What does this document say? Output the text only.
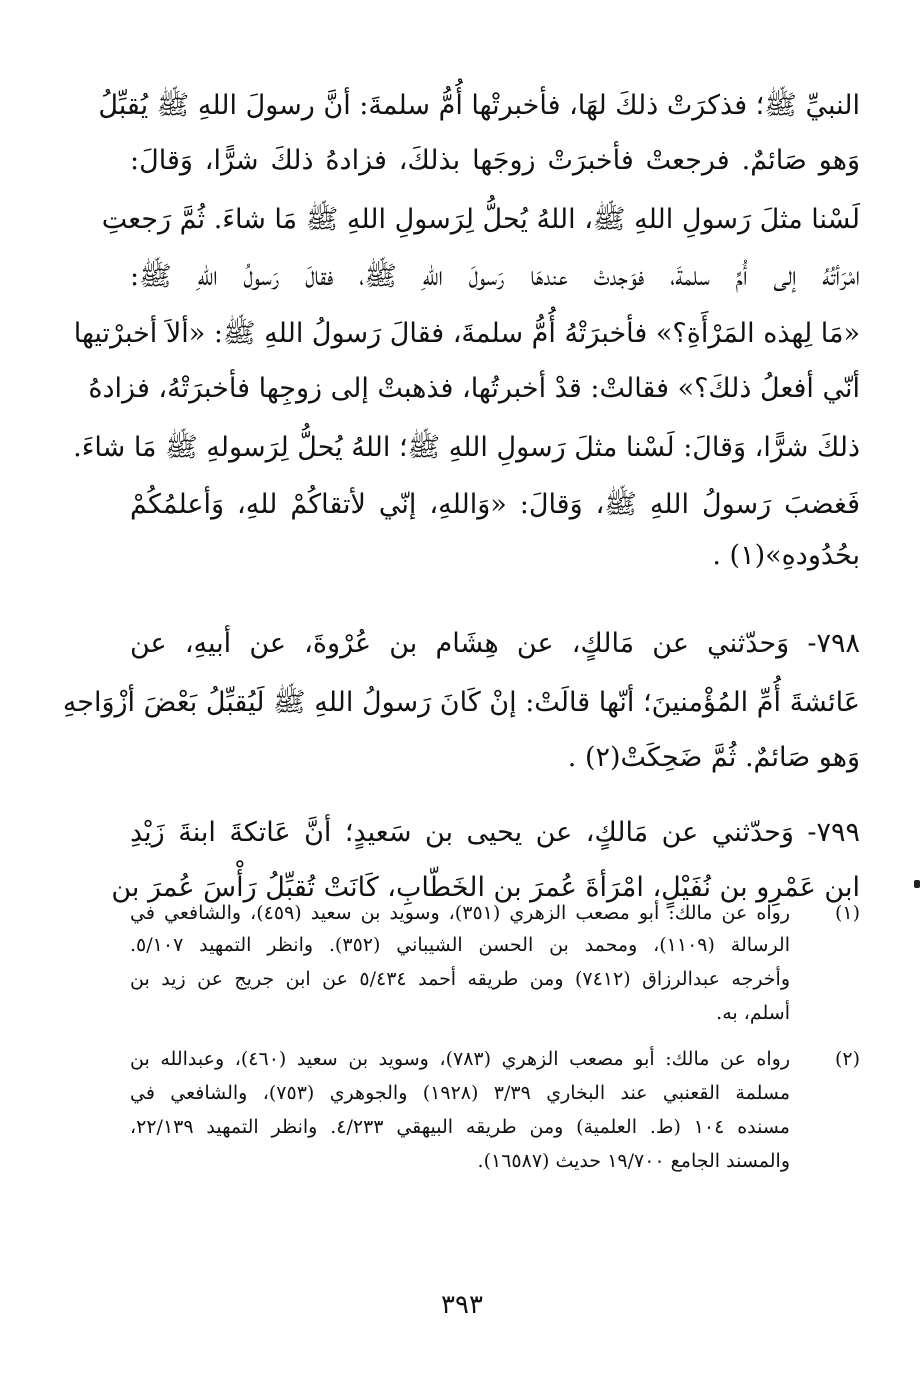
النبيِّ ﷺ؛ فذكرَتْ ذلكَ لهَا، فأخبرتْها أُمُّ سلمةَ: أنَّ رسولَ اللهِ ﷺ يُقبِّلُ
وَهو صَائمٌ. فرجعتْ فأخبرَتْ زوجَها بذلكَ، فزادهُ ذلكَ شرًّا، وَقالَ:
لَسْنا مثلَ رَسولِ اللهِ ﷺ، اللهُ يُحلُّ لِرَسولِ اللهِ ﷺ مَا شاءَ. ثُمَّ رَجعتِ
امْرَأتُهُ إلى أُمِّ سلمةَ، فوَجدتْ عندهَا رَسولَ اللهِ ﷺ، فقالَ رَسولُ اللهِ ﷺ:
«مَا لِهذه المَرْأَةِ؟» فأخبرَتْهُ أُمُّ سلمةَ، فقالَ رَسولُ اللهِ ﷺ: «ألاَ أخبرْتيها
أنّي أفعلُ ذلكَ؟» فقالتْ: قدْ أخبرتُها، فذهبتْ إلى زوجِها فأخبرَتْهُ، فزادهُ
ذلكَ شرًّا، وَقالَ: لَسْنا مثلَ رَسولِ اللهِ ﷺ؛ اللهُ يُحلُّ لِرَسولهِ ﷺ مَا شاءَ.
فَغضبَ رَسولُ اللهِ ﷺ، وَقالَ: «وَاللهِ، إنّي لأتقاكُمْ للهِ، وَأعلمُكُمْ
بحُدُودهِ»(١) .
٧٩٨- وَحدّثني عن مَالكٍ، عن هِشَام بن عُرْوةَ، عن أبيهِ، عن
عَائشةَ أُمِّ المُؤْمنينَ؛ أنّها قالَتْ: إنْ كَانَ رَسولُ اللهِ ﷺ لَيُقبِّلُ بَعْضَ أزْوَاجهِ
وَهو صَائمٌ. ثُمَّ ضَحِكَتْ(٢) .
٧٩٩- وَحدّثني عن مَالكٍ، عن يحيى بن سَعيدٍ؛ أنَّ عَاتكةَ ابنةَ زَيْدِ
ابن عَمْرِو بن نُفَيْلٍ، امْرَأةَ عُمرَ بن الخَطّابِ، كَانَتْ تُقبِّلُ رَأْسَ عُمرَ بن
(١)
رواه عن مالك: أبو مصعب الزهري (٣٥١)، وسويد بن سعيد (٤٥٩)، والشافعي في
الرسالة (١١٠٩)، ومحمد بن الحسن الشيباني (٣٥٢). وانظر التمهيد ٥/١٠٧.
وأخرجه عبدالرزاق (٧٤١٢) ومن طريقه أحمد ٥/٤٣٤ عن ابن جريج عن زيد بن
أسلم، به.
(٢)
رواه عن مالك: أبو مصعب الزهري (٧٨٣)، وسويد بن سعيد (٤٦٠)، وعبدالله بن
مسلمة القعنبي عند البخاري ٣/٣٩ (١٩٢٨) والجوهري (٧٥٣)، والشافعي في
مسنده ١٠٤ (ط. العلمية) ومن طريقه البيهقي ٤/٢٣٣. وانظر التمهيد ٢٢/١٣٩،
والمسند الجامع ١٩/٧٠٠ حديث (١٦٥٨٧).
٣٩٣
